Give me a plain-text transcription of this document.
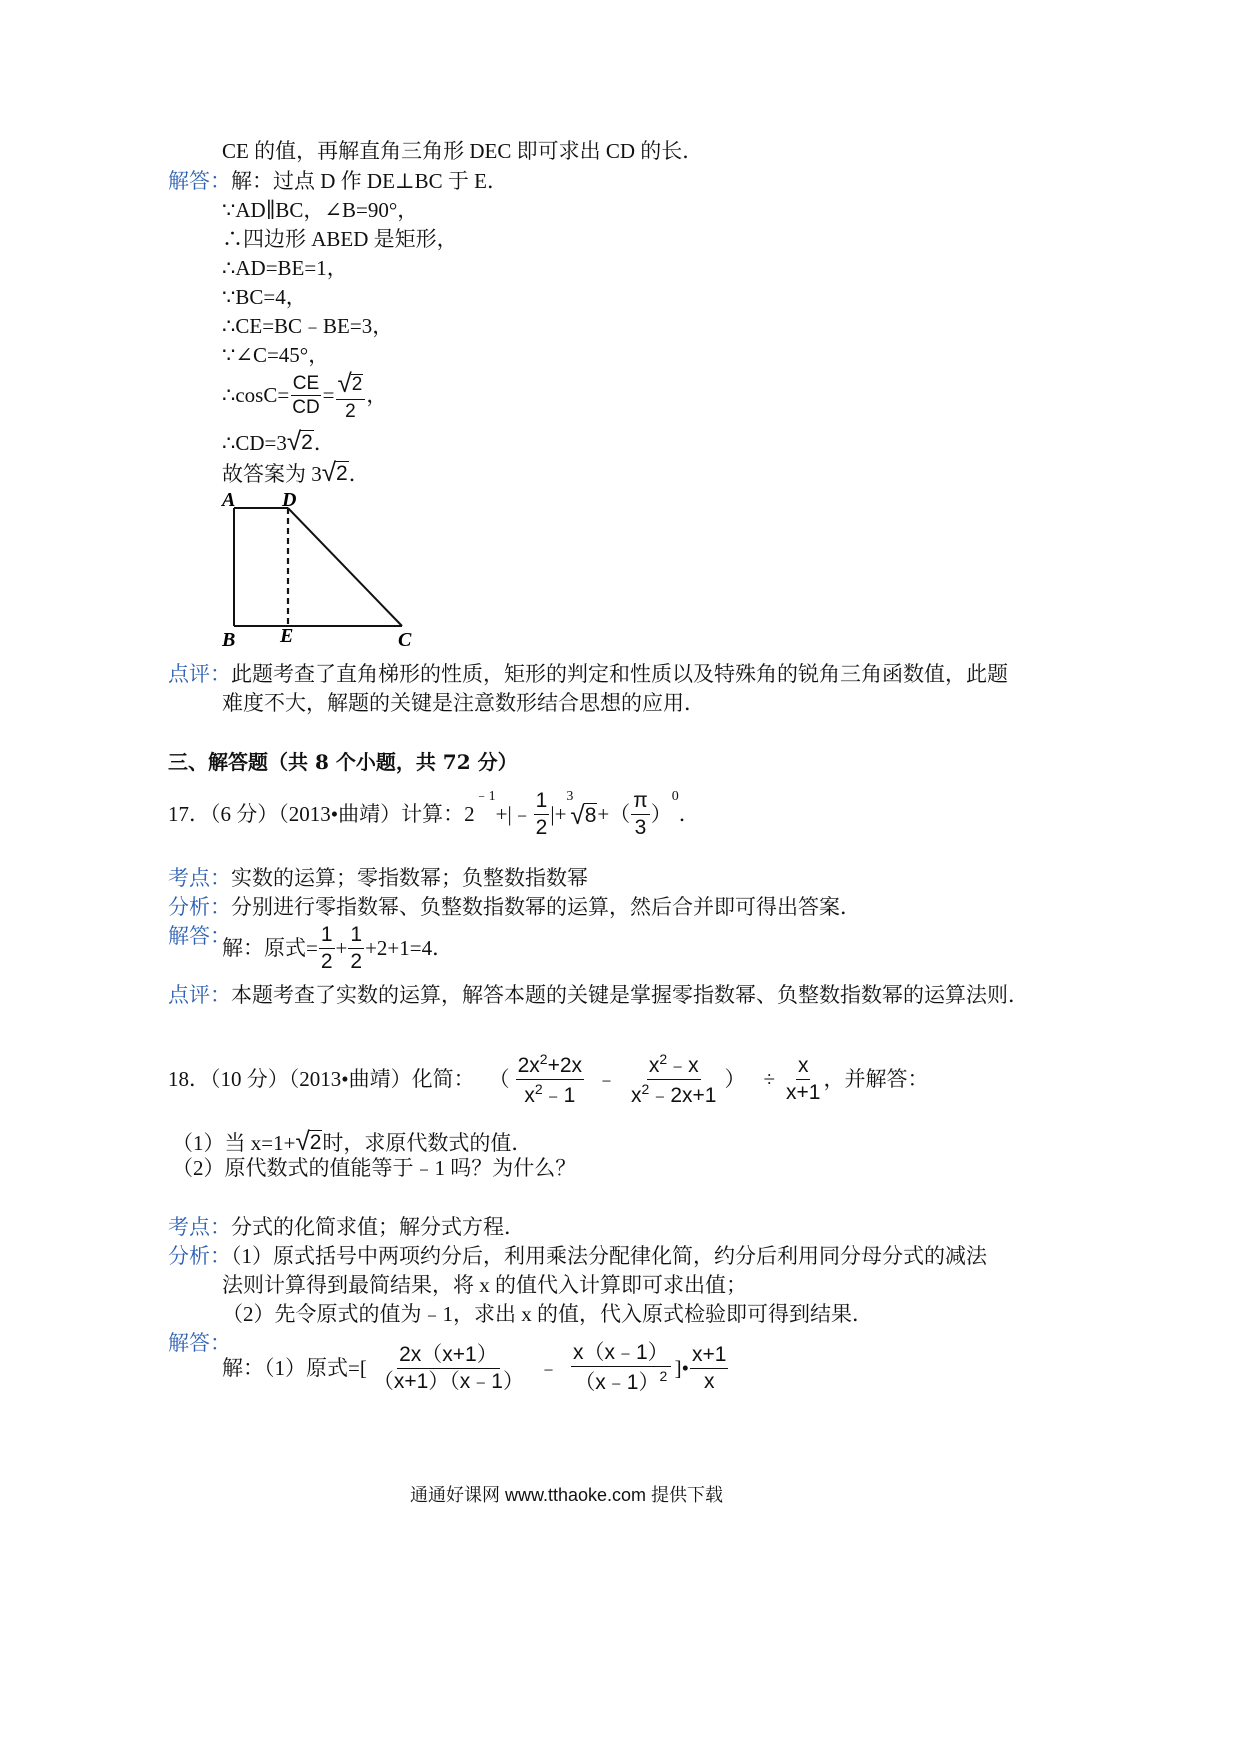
CE 的值，再解直角三角形 DEC 即可求出 CD 的长．
解答：解：过点 D 作 DE⊥BC 于 E．
∵AD∥BC，∠B=90°，
∴四边形 ABED 是矩形，
∴AD=BE=1，
∵BC=4，
∴CE=BC﹣BE=3，
∵∠C=45°，
∴cosC= $\frac{CE}{CD} = \frac{√ 2}{2}$ ，
∴CD=3 √ 2 ．
故答案为 3 √ 2 ．
A D
B E	C
点评：此题考查了直角梯形的性质，矩形的判定和性质以及特殊角的锐角三角函数值，此题
难度不大，解题的关键是注意数形结合思想的应用．
三、解答题（共 8 个小题，共 72 分）
17．（6 分）（2013•曲靖）计算：2
﹣1
+|﹣ $\frac{1}{2}$ |+
3
√ 8 +（ $\frac{\pi}{3}$ ）
0
．
考点：实数的运算；零指数幂；负整数指数幂
分析：分别进行零指数幂、负整数指数幂的运算，然后合并即可得出答案．
解答：
解：原式= $\frac{1}{2} + \frac{1}{2} +2+1=4$．
点评：本题考查了实数的运算，解答本题的关键是掌握零指数幂、负整数指数幂的运算法则．
18．（10 分）（2013•曲靖）化简： （ $\frac{2x^2+2x}{x^2﹣1}$ ﹣ $\frac{x^2﹣x}{x^2﹣2x+1}$ ） ÷ $\frac{x}{x+1}$ ，并解答：
（1）当 x=1+ √ 2 时，求原代数式的值．
（2）原代数式的值能等于﹣1 吗？为什么？
考点：分式的化简求值；解分式方程．
分析：（1）原式括号中两项约分后，利用乘法分配律化简，约分后利用同分母分式的减法
法则计算得到最简结果，将 x 的值代入计算即可求出值；
（2）先令原式的值为﹣1，求出 x 的值，代入原式检验即可得到结果．
解答：
解：（1）原式=[ $\frac{2x(x+1)}{(x+1)(x﹣1)}$ ﹣ $\frac{x(x﹣1)}{(x﹣1)^2}$ ]• $\frac{x+1}{x}$
通通好课网 www.tthaoke.com 提供下载
